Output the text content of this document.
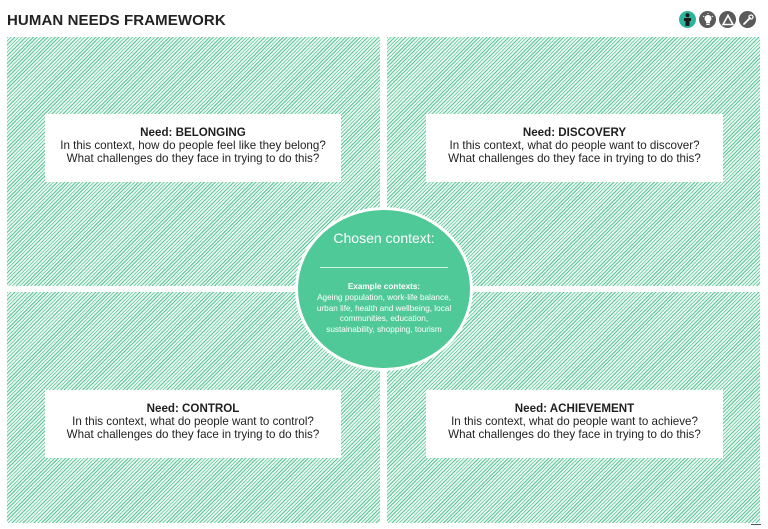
HUMAN NEEDS FRAMEWORK
Need: BELONGING
In this context, how do people feel like they belong?
What challenges do they face in trying to do this?
Need: DISCOVERY
In this context, what do people want to discover?
What challenges do they face in trying to do this?
Need: CONTROL
In this context, what do people want to control?
What challenges do they face in trying to do this?
Need: ACHIEVEMENT
In this context, what do people want to achieve?
What challenges do they face in trying to do this?
Chosen context:
Example contexts:
Ageing population, work-life balance, urban life, health and wellbeing, local communities, education, sustainability, shopping, tourism
